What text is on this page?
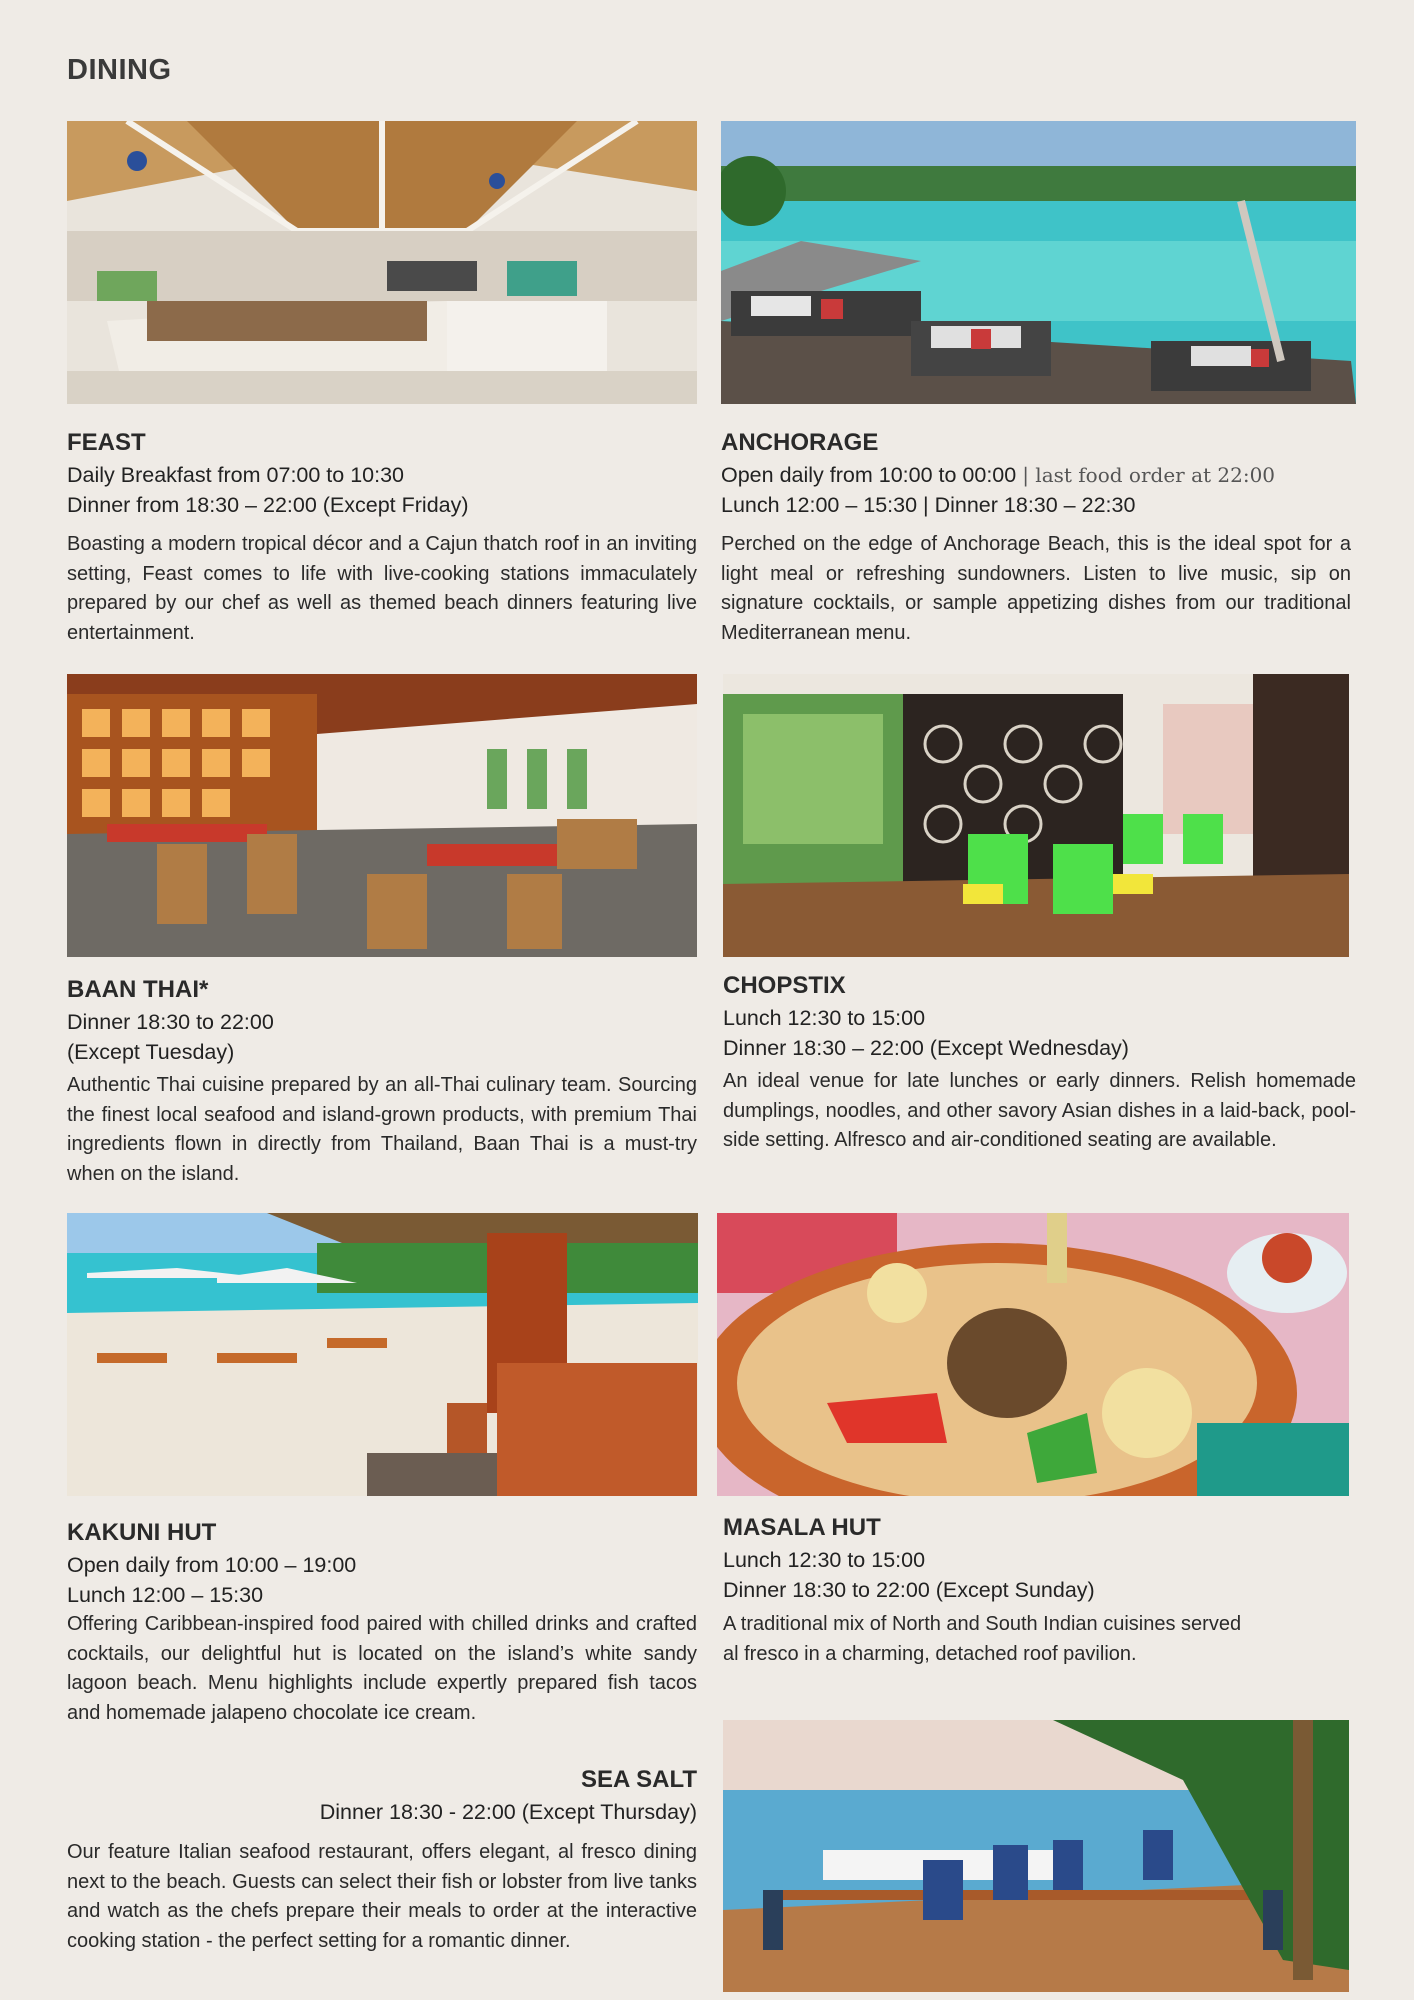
DINING

FEAST

Daily Breakfast from 07:00 to 10:30

Dinner from 18:30 – 22:00 (Except Friday)

Boasting a modern tropical décor and a Cajun thatch roof in an inviting setting, Feast comes to life with live-cooking stations immaculately prepared by our chef as well as themed beach dinners featuring live entertainment.

ANCHORAGE

Open daily from 10:00 to 00:00 | last food order at 22:00

Lunch 12:00 – 15:30 | Dinner 18:30 – 22:30

Perched on the edge of Anchorage Beach, this is the ideal spot for a light meal or refreshing sundowners. Listen to live music, sip on signature cocktails, or sample appetizing dishes from our traditional Mediterranean menu.

BAAN THAI*

Dinner 18:30 to 22:00

(Except Tuesday)

Authentic Thai cuisine prepared by an all-Thai culinary team. Sourcing the finest local seafood and island-grown products, with premium Thai ingredients flown in directly from Thailand, Baan Thai is a must-try when on the island.

CHOPSTIX

Lunch 12:30 to 15:00

Dinner 18:30 – 22:00 (Except Wednesday)

An ideal venue for late lunches or early dinners. Relish homemade dumplings, noodles, and other savory Asian dishes in a laid-back, pool-side setting. Alfresco and air-conditioned seating are available.

KAKUNI HUT

Open daily from 10:00 – 19:00

Lunch 12:00 – 15:30

Offering Caribbean-inspired food paired with chilled drinks and crafted cocktails, our delightful hut is located on the island’s white sandy lagoon beach. Menu highlights include expertly prepared fish tacos and homemade jalapeno chocolate ice cream.

MASALA HUT

Lunch 12:30 to 15:00

Dinner 18:30 to 22:00 (Except Sunday)

A traditional mix of North and South Indian cuisines served
al fresco in a charming, detached roof pavilion.

SEA SALT

Dinner 18:30 - 22:00 (Except Thursday)

Our feature Italian seafood restaurant, offers elegant, al fresco dining next to the beach. Guests can select their fish or lobster from live tanks and watch as the chefs prepare their meals to order at the interactive cooking station - the perfect setting for a romantic dinner.
